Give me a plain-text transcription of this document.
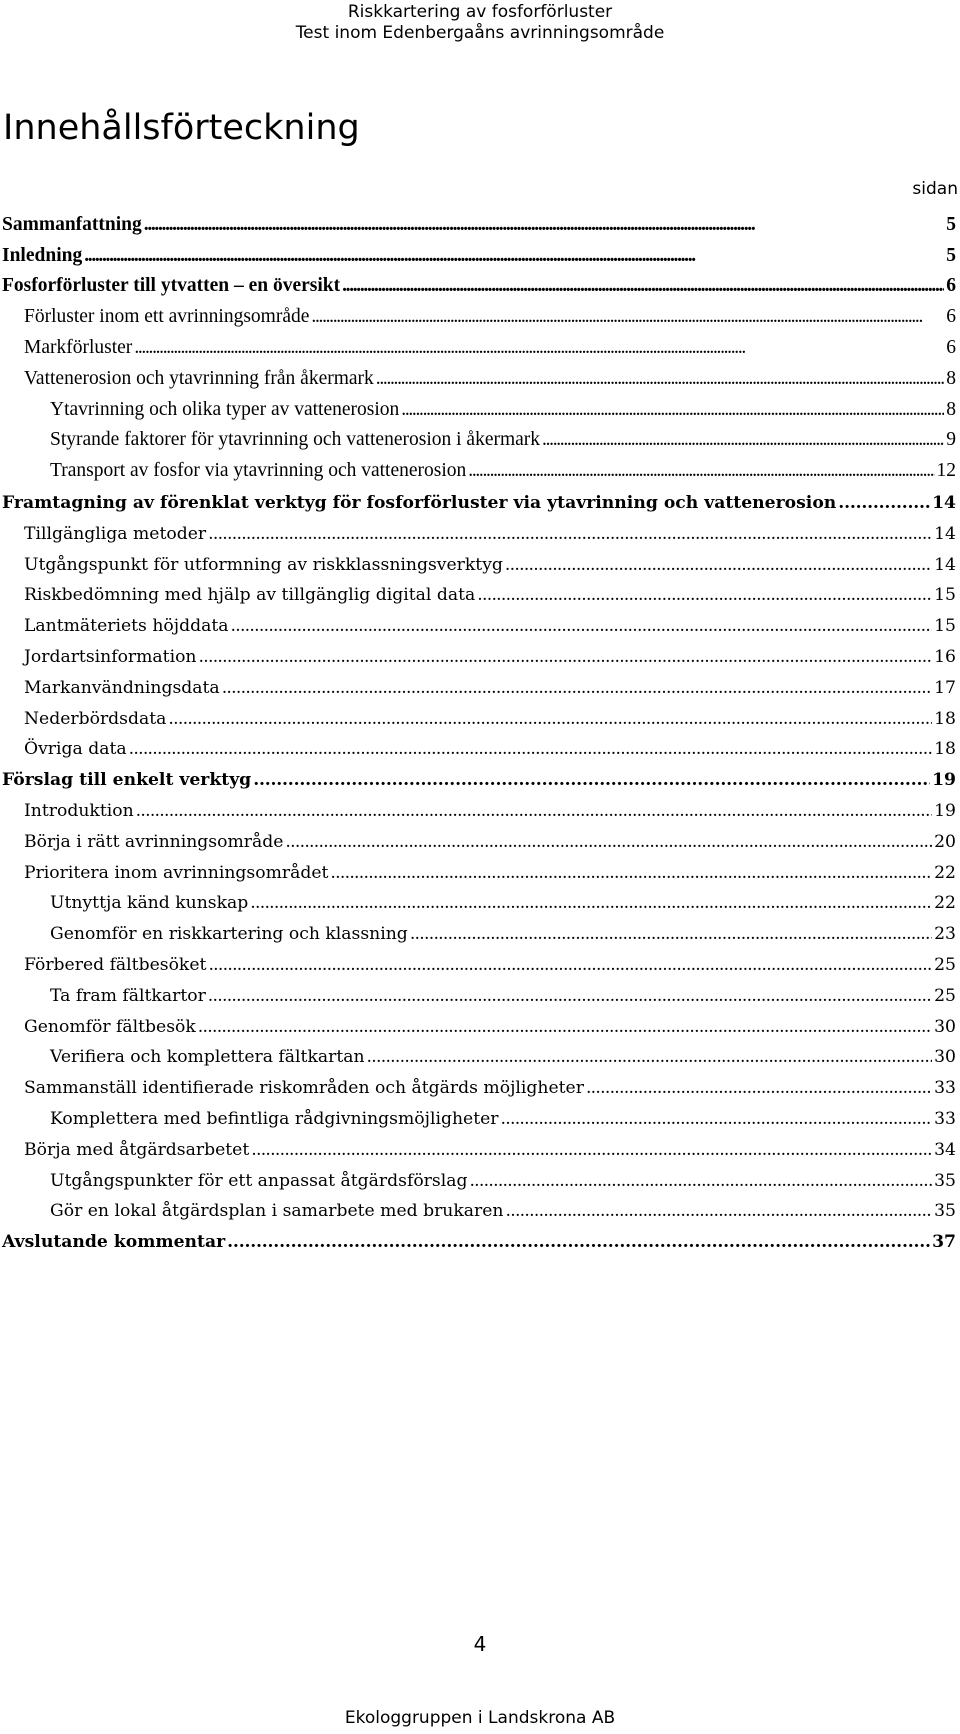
Riskkartering av fosforförluster
Test inom Edenbergaåns avrinningsområde
Innehållsförteckning
sidan
Sammanfattning . . .	5
Inledning . . .	5
Fosforförluster till ytvatten – en översikt . . .	6
Förluster inom ett avrinningsområde . . .	6
Markförluster . . .	6
Vattenerosion och ytavrinning från åkermark . . .	8
Ytavrinning och olika typer av vattenerosion . . .	8
Styrande faktorer för ytavrinning och vattenerosion i åkermark . . .	9
Transport av fosfor via ytavrinning och vattenerosion . . .	12
Framtagning av förenklat verktyg för fosforförluster via ytavrinning och vattenerosion . . .	14
Tillgängliga metoder . . .	14
Utgångspunkt för utformning av riskklassningsverktyg . . .	14
Riskbedömning med hjälp av tillgänglig digital data . . .	15
Lantmäteriets höjddata . . .	15
Jordartsinformation . . .	16
Markanvändningsdata . . .	17
Nederbördsdata . . .	18
Övriga data . . .	18
Förslag till enkelt verktyg . . .	19
Introduktion . . .	19
Börja i rätt avrinningsområde . . .	20
Prioritera inom avrinningsområdet . . .	22
Utnyttja känd kunskap . . .	22
Genomför en riskkartering och klassning . . .	23
Förbered fältbesöket . . .	25
Ta fram fältkartor . . .	25
Genomför fältbesök . . .	30
Verifiera och komplettera fältkartan . . .	30
Sammanställ identifierade riskområden och åtgärds möjligheter . . .	33
Komplettera med befintliga rådgivningsmöjligheter . . .	33
Börja med åtgärdsarbetet . . .	34
Utgångspunkter för ett anpassat åtgärdsförslag . . .	35
Gör en lokal åtgärdsplan i samarbete med brukaren . . .	35
Avslutande kommentar . . .	37
4
Ekologgruppen i Landskrona AB
